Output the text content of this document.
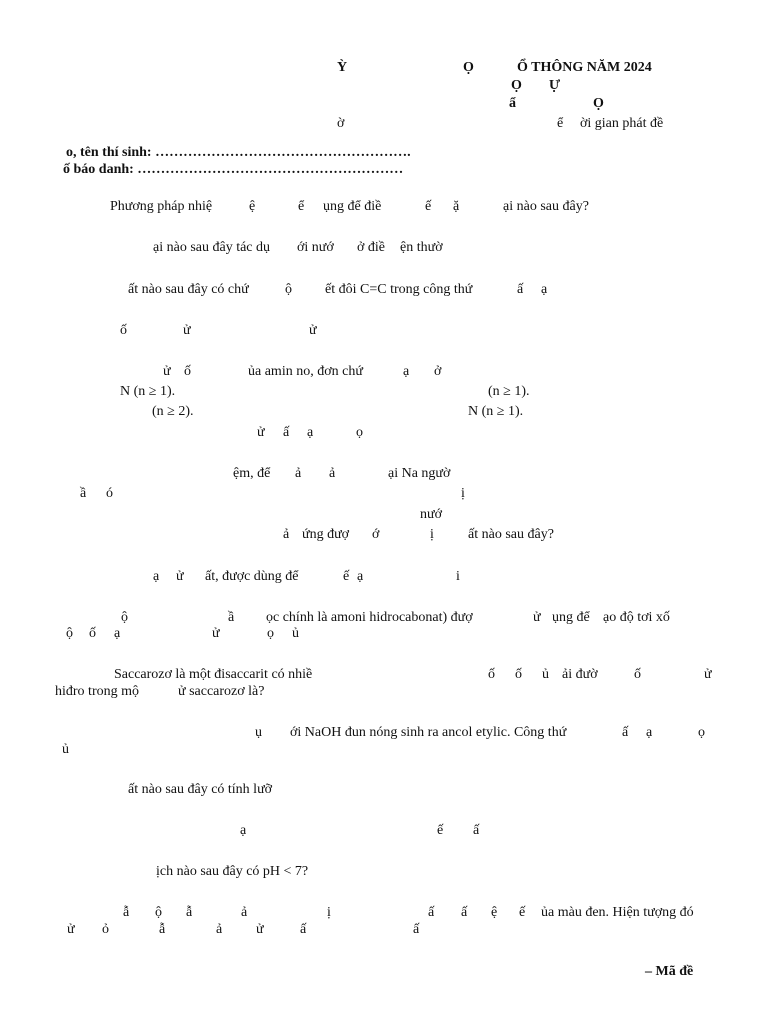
Ỳ	Ọ	Ổ THÔNG NĂM 2024
Ọ Ự
ẩ	Ọ
ờ	ể ời gian phát đề
o, tên thí sinh: ……………………………………………….
ố báo danh: …………………………………………………
Phương pháp nhiệ	ệ	ể ụng để điề	ế ặ	ại nào sau đây?
ại nào sau đây tác dụ ới nướ ở điề ện thườ
ất nào sau đây có chứ	ộ ết đôi C=C trong công thứ	ấ ạ
ố	ử	ử
ử ố	ủa amin no, đơn chứ	ạ ở
N (n ≥ 1).	(n ≥ 1).
(n ≥ 2).	N (n ≥ 1).
ử ấ ạ	ọ
ệm, để ả ả	ại Na ngườ
ầ ó	ị
nướ
ả ứng đượ ớ	ị ất nào sau đây?
ạ ử ất, được dùng để	ế ạ	i
ộ	ầ ọc chính là amoni hidrocabonat) đượ	ử ụng để ạo độ tơi xố
ộ ố ạ	ử	ọ ủ
Saccarozơ là một đisaccarit có nhiề	ố ố ủ ải đườ	ố	ử
hiđro trong mộ	ử saccarozơ là?
ụ ới NaOH đun nóng sinh ra ancol etylic. Công thứ	ấ ạ	ọ
ủ
ất nào sau đây có tính lưỡ
ạ	ế ấ
ịch nào sau đây có pH < 7?
ẫ ộ ẫ	ả	ị	ấ ấ ệ ế ủa màu đen. Hiện tượng đó
ử ỏ	ẫ	ả ử	ấ	ấ
– Mã đề
